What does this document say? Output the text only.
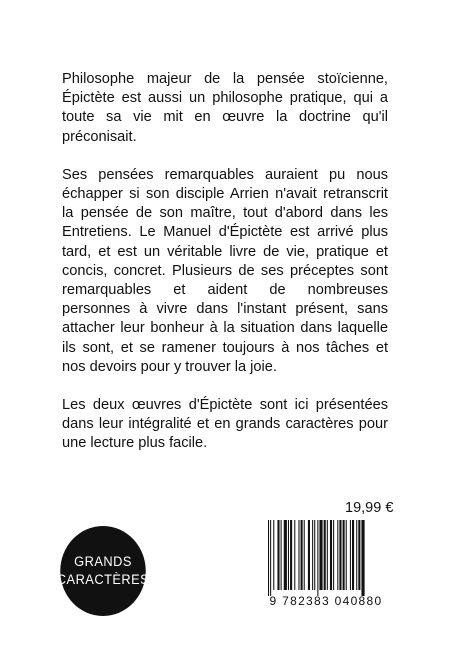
Philosophe majeur de la pensée stoïcienne, Épictète est aussi un philosophe pratique, qui a toute sa vie mit en œuvre la doctrine qu'il préconisait.

Ses pensées remarquables auraient pu nous échapper si son disciple Arrien n'avait retranscrit la pensée de son maître, tout d'abord dans les Entretiens. Le Manuel d'Épictète est arrivé plus tard, et est un véritable livre de vie, pratique et concis, concret. Plusieurs de ses préceptes sont remarquables et aident de nombreuses personnes à vivre dans l'instant présent, sans attacher leur bonheur à la situation dans laquelle ils sont, et se ramener toujours à nos tâches et nos devoirs pour y trouver la joie.

Les deux œuvres d'Épictète sont ici présentées dans leur intégralité et en grands caractères pour une lecture plus facile.

GRANDS
CARACTÈRES
19,99 €
9 782383 040880
